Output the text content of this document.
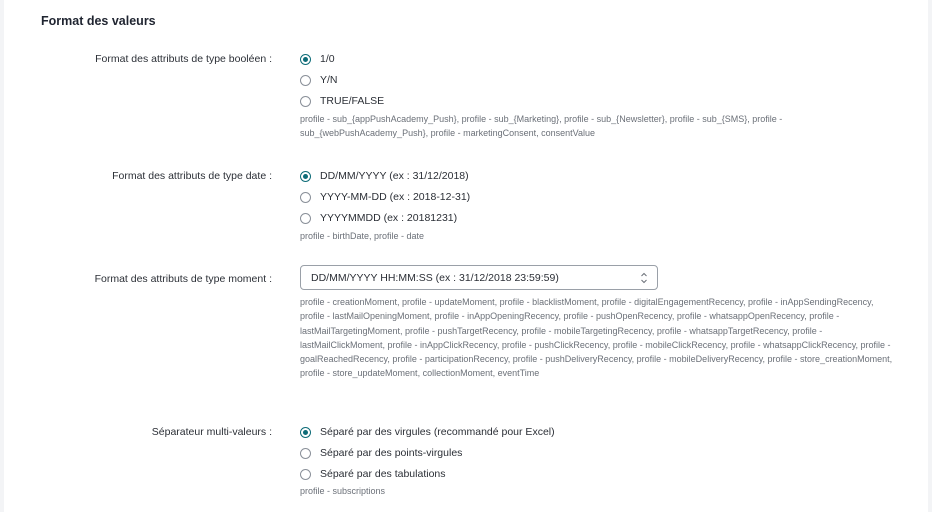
Format des valeurs
Format des attributs de type booléen :	1/0
Y/N
TRUE/FALSE
profile - sub_{appPushAcademy_Push}, profile - sub_{Marketing}, profile - sub_{Newsletter}, profile - sub_{SMS}, profile - sub_{webPushAcademy_Push}, profile - marketingConsent, consentValue
Format des attributs de type date :	DD/MM/YYYY (ex : 31/12/2018)
YYYY-MM-DD (ex : 2018-12-31)
YYYYMMDD (ex : 20181231)
profile - birthDate, profile - date
Format des attributs de type moment :	DD/MM/YYYY HH:MM:SS (ex : 31/12/2018 23:59:59)
profile - creationMoment, profile - updateMoment, profile - blacklistMoment, profile - digitalEngagementRecency, profile - inAppSendingRecency, profile - lastMailOpeningMoment, profile - inAppOpeningRecency, profile - pushOpenRecency, profile - whatsappOpenRecency, profile - lastMailTargetingMoment, profile - pushTargetRecency, profile - mobileTargetingRecency, profile - whatsappTargetRecency, profile - lastMailClickMoment, profile - inAppClickRecency, profile - pushClickRecency, profile - mobileClickRecency, profile - whatsappClickRecency, profile - goalReachedRecency, profile - participationRecency, profile - pushDeliveryRecency, profile - mobileDeliveryRecency, profile - store_creationMoment, profile - store_updateMoment, collectionMoment, eventTime
Séparateur multi-valeurs :	Séparé par des virgules (recommandé pour Excel)
Séparé par des points-virgules
Séparé par des tabulations
profile - subscriptions
